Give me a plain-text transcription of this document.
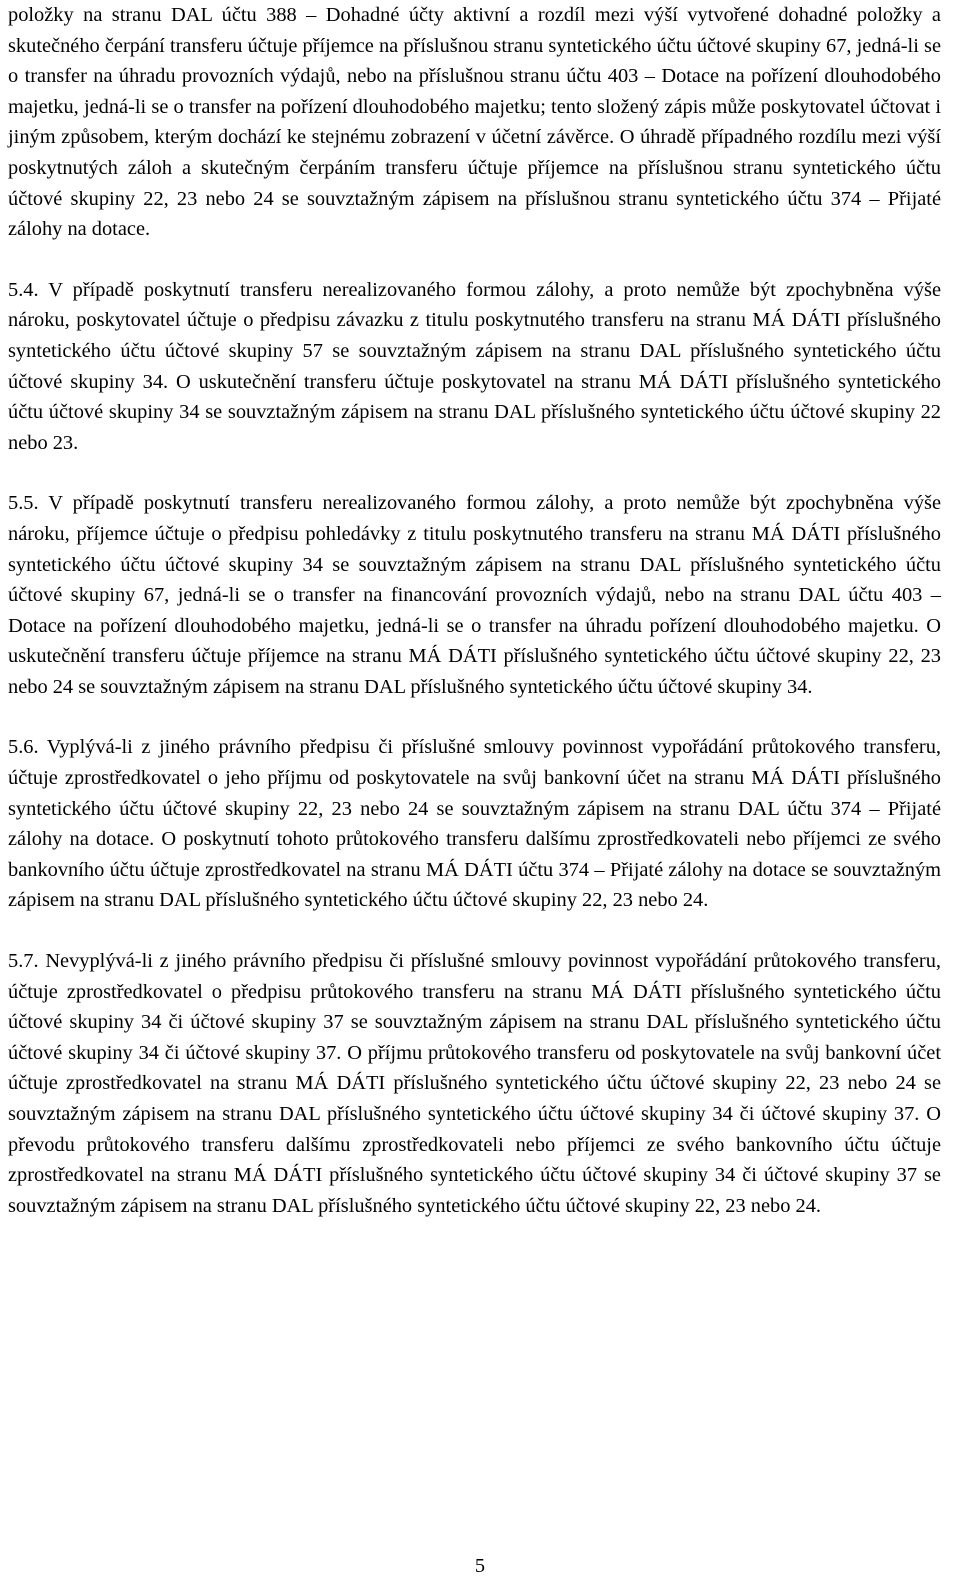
položky na stranu DAL účtu 388 – Dohadné účty aktivní a rozdíl mezi výší vytvořené dohadné položky a skutečného čerpání transferu účtuje příjemce na příslušnou stranu syntetického účtu účtové skupiny 67, jedná-li se o transfer na úhradu provozních výdajů, nebo na příslušnou stranu účtu 403 – Dotace na pořízení dlouhodobého majetku, jedná-li se o transfer na pořízení dlouhodobého majetku; tento složený zápis může poskytovatel účtovat i jiným způsobem, kterým dochází ke stejnému zobrazení v účetní závěrce. O úhradě případného rozdílu mezi výší poskytnutých záloh a skutečným čerpáním transferu účtuje příjemce na příslušnou stranu syntetického účtu účtové skupiny 22, 23 nebo 24 se souvztažným zápisem na příslušnou stranu syntetického účtu 374 – Přijaté zálohy na dotace.

5.4. V případě poskytnutí transferu nerealizovaného formou zálohy, a proto nemůže být zpochybněna výše nároku, poskytovatel účtuje o předpisu závazku z titulu poskytnutého transferu na stranu MÁ DÁTI příslušného syntetického účtu účtové skupiny 57 se souvztažným zápisem na stranu DAL příslušného syntetického účtu účtové skupiny 34. O uskutečnění transferu účtuje poskytovatel na stranu MÁ DÁTI příslušného syntetického účtu účtové skupiny 34 se souvztažným zápisem na stranu DAL příslušného syntetického účtu účtové skupiny 22 nebo 23.

5.5. V případě poskytnutí transferu nerealizovaného formou zálohy, a proto nemůže být zpochybněna výše nároku, příjemce účtuje o předpisu pohledávky z titulu poskytnutého transferu na stranu MÁ DÁTI příslušného syntetického účtu účtové skupiny 34 se souvztažným zápisem na stranu DAL příslušného syntetického účtu účtové skupiny 67, jedná-li se o transfer na financování provozních výdajů, nebo na stranu DAL účtu 403 – Dotace na pořízení dlouhodobého majetku, jedná-li se o transfer na úhradu pořízení dlouhodobého majetku. O uskutečnění transferu účtuje příjemce na stranu MÁ DÁTI příslušného syntetického účtu účtové skupiny 22, 23 nebo 24 se souvztažným zápisem na stranu DAL příslušného syntetického účtu účtové skupiny 34.

5.6. Vyplývá-li z jiného právního předpisu či příslušné smlouvy povinnost vypořádání průtokového transferu, účtuje zprostředkovatel o jeho příjmu od poskytovatele na svůj bankovní účet na stranu MÁ DÁTI příslušného syntetického účtu účtové skupiny 22, 23 nebo 24 se souvztažným zápisem na stranu DAL účtu 374 – Přijaté zálohy na dotace. O poskytnutí tohoto průtokového transferu dalšímu zprostředkovateli nebo příjemci ze svého bankovního účtu účtuje zprostředkovatel na stranu MÁ DÁTI účtu 374 – Přijaté zálohy na dotace se souvztažným zápisem na stranu DAL příslušného syntetického účtu účtové skupiny 22, 23 nebo 24.

5.7. Nevyplývá-li z jiného právního předpisu či příslušné smlouvy povinnost vypořádání průtokového transferu, účtuje zprostředkovatel o předpisu průtokového transferu na stranu MÁ DÁTI příslušného syntetického účtu účtové skupiny 34 či účtové skupiny 37 se souvztažným zápisem na stranu DAL příslušného syntetického účtu účtové skupiny 34 či účtové skupiny 37. O příjmu průtokového transferu od poskytovatele na svůj bankovní účet účtuje zprostředkovatel na stranu MÁ DÁTI příslušného syntetického účtu účtové skupiny 22, 23 nebo 24 se souvztažným zápisem na stranu DAL příslušného syntetického účtu účtové skupiny 34 či účtové skupiny 37. O převodu průtokového transferu dalšímu zprostředkovateli nebo příjemci ze svého bankovního účtu účtuje zprostředkovatel na stranu MÁ DÁTI příslušného syntetického účtu účtové skupiny 34 či účtové skupiny 37 se souvztažným zápisem na stranu DAL příslušného syntetického účtu účtové skupiny 22, 23 nebo 24.

5
